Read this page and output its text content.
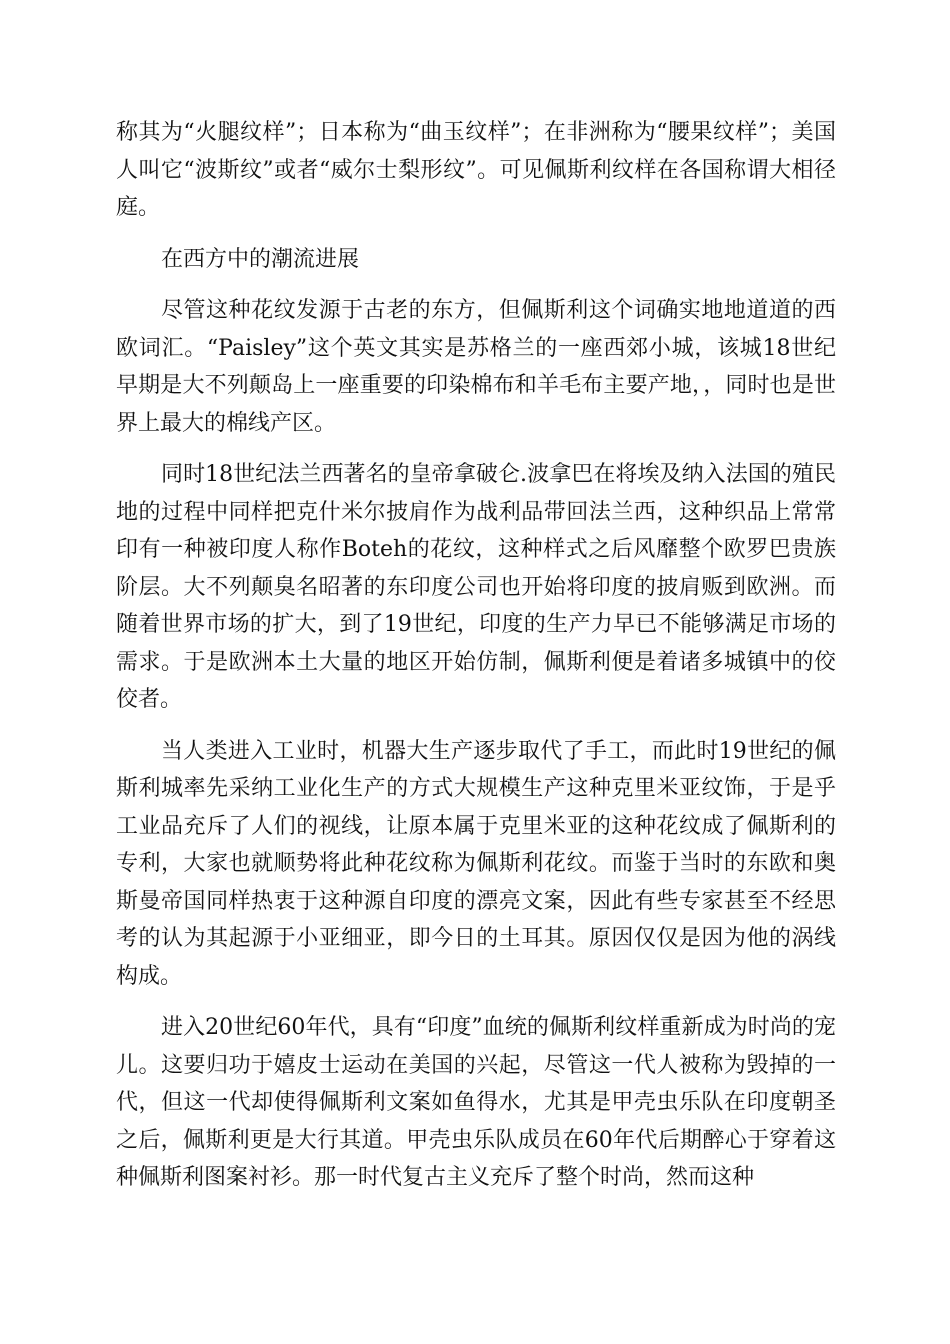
称其为“火腿纹样”；日本称为“曲玉纹样”；在非洲称为“腰果纹样”；美国人叫它“波斯纹”或者“威尔士梨形纹”。可见佩斯利纹样在各国称谓大相径庭。

在西方中的潮流进展

尽管这种花纹发源于古老的东方，但佩斯利这个词确实地地道道的西欧词汇。“Paisley”这个英文其实是苏格兰的一座西郊小城，该城18世纪早期是大不列颠岛上一座重要的印染棉布和羊毛布主要产地，，同时也是世界上最大的棉线产区。

同时18世纪法兰西著名的皇帝拿破仑.波拿巴在将埃及纳入法国的殖民地的过程中同样把克什米尔披肩作为战利品带回法兰西，这种织品上常常印有一种被印度人称作Boteh的花纹，这种样式之后风靡整个欧罗巴贵族阶层。大不列颠臭名昭著的东印度公司也开始将印度的披肩贩到欧洲。而随着世界市场的扩大，到了19世纪，印度的生产力早已不能够满足市场的需求。于是欧洲本土大量的地区开始仿制，佩斯利便是着诸多城镇中的佼佼者。

当人类进入工业时，机器大生产逐步取代了手工，而此时19世纪的佩斯利城率先采纳工业化生产的方式大规模生产这种克里米亚纹饰，于是乎工业品充斥了人们的视线，让原本属于克里米亚的这种花纹成了佩斯利的专利，大家也就顺势将此种花纹称为佩斯利花纹。而鉴于当时的东欧和奥斯曼帝国同样热衷于这种源自印度的漂亮文案，因此有些专家甚至不经思考的认为其起源于小亚细亚，即今日的土耳其。原因仅仅是因为他的涡线构成。

进入20世纪60年代，具有“印度”血统的佩斯利纹样重新成为时尚的宠儿。这要归功于嬉皮士运动在美国的兴起，尽管这一代人被称为毁掉的一代，但这一代却使得佩斯利文案如鱼得水，尤其是甲壳虫乐队在印度朝圣之后，佩斯利更是大行其道。甲壳虫乐队成员在60年代后期醉心于穿着这种佩斯利图案衬衫。那一时代复古主义充斥了整个时尚，然而这种
